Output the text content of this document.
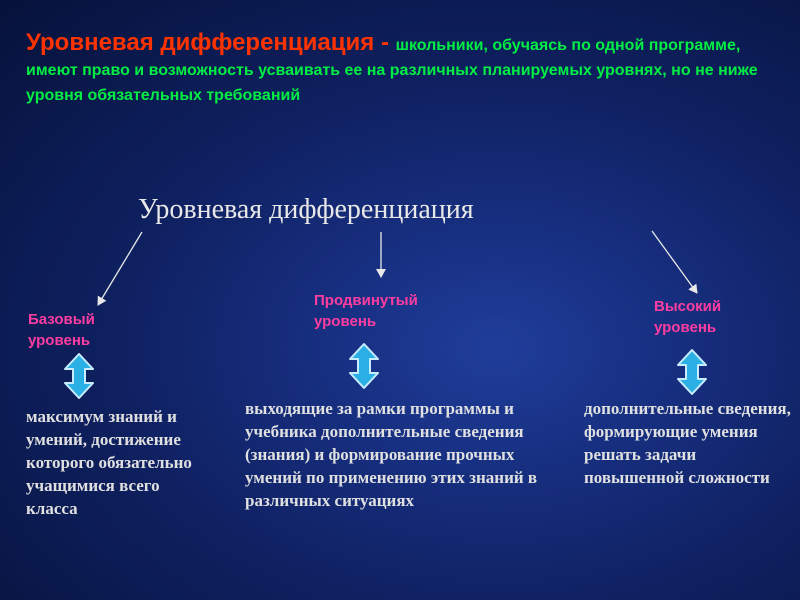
Уровневая дифференциация - школьники, обучаясь по одной программе, имеют право и возможность усваивать ее на различных планируемых уровнях, но не ниже уровня обязательных требований
Уровневая дифференциация
Базовый уровень
Продвинутый уровень
Высокий уровень
максимум знаний и умений, достижение которого обязательно учащимися всего класса
выходящие за рамки программы и учебника дополнительные сведения (знания) и формирование прочных умений по применению этих знаний в различных ситуациях
дополнительные сведения, формирующие умения решать задачи повышенной сложности
